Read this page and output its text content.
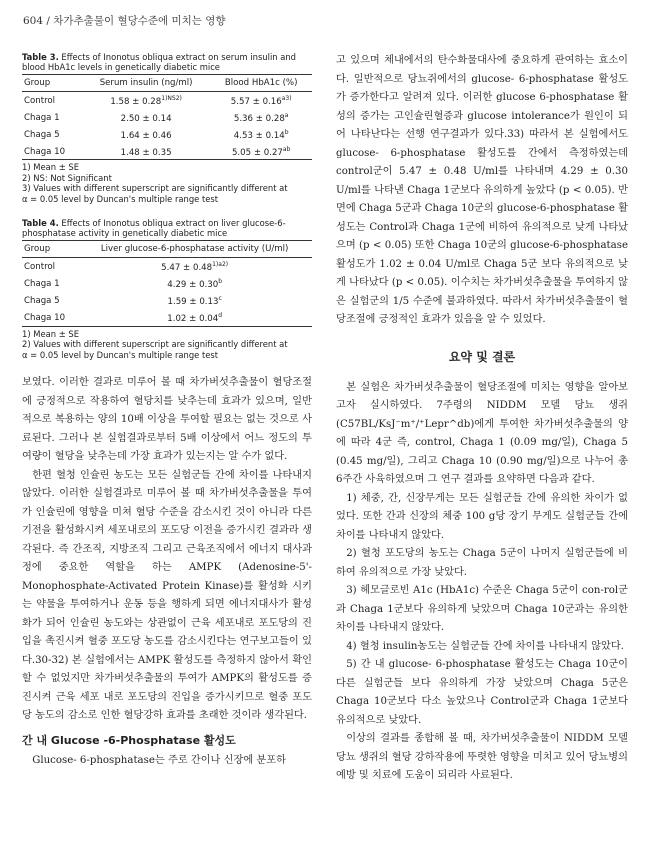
604 / 차가추출물이 혈당수준에 미치는 영향
Table 3. Effects of Inonotus obliqua extract on serum insulin and blood HbA1c levels in genetically diabetic mice
Group	Serum insulin (ng/ml)	Blood HbA1c (%)
Control	$1.58 \pm 0.28^{1)NS2)}$	$5.57 \pm 0.16^{a3)}$
Chaga 1	2.50 ± 0.14	5.36 ± 0.28$^a$
Chaga 5	1.64 ± 0.46	4.53 ± 0.14$^b$
Chaga 10	1.48 ± 0.35	5.05 ± 0.27$^{ab}$

1) Mean ± SE

2) NS: Not Significant

3) Values with different superscript are significantly different at

α = 0.05 level by Duncan's multiple range test

Table 4. Effects of Inonotus obliqua extract on liver glucose-6-phosphatase activity in genetically diabetic mice
Group	Liver glucose-6-phosphatase activity (U/ml)
Control	$5.47 \pm 0.48^{1)a2)}$
Chaga 1	4.29 ± 0.30$^b$
Chaga 5	1.59 ± 0.13$^c$
Chaga 10	1.02 ± 0.04$^d$

1) Mean ± SE

2) Values with different superscript are significantly different at

α = 0.05 level by Duncan's multiple range test

보였다. 이러한 결과로 미루어 볼 때 차가버섯추출물이 혈당조절에 긍정적으로 작용하여 혈당치를 낮추는데 효과가 있으며, 일반적으로 복용하는 양의 10배 이상을 투여할 필요는 없는 것으로 사료된다. 그러나 본 실험결과로부터 5배 이상에서 어느 정도의 투여량이 혈당을 낮추는데 가장 효과가 있는지는 알 수가 없다.

한편 혈청 인슐린 농도는 모든 실험군들 간에 차이를 나타내지 않았다. 이러한 실험결과로 미루어 볼 때 차가버섯추출물을 투여가 인슐린에 영향을 미쳐 혈당 수준을 감소시킨 것이 아니라 다른 기전을 활성화시켜 세포내로의 포도당 이전을 증가시킨 결과라 생각된다. 즉 간조직, 지방조직 그리고 근육조직에서 에너지 대사과정에 중요한 역할을 하는 AMPK (Adenosine-5'-Monophosphate-Activated Protein Kinase)를 활성화 시키는 약물을 투여하거나 운동 등을 행하게 되면 에너지대사가 활성화가 되어 인슐린 농도와는 상관없이 근육 세포내로 포도당의 진입을 촉진시켜 혈중 포도당 농도를 감소시킨다는 연구보고들이 있다.30-32) 본 실험에서는 AMPK 활성도를 측정하지 않아서 확인할 수 없었지만 차가버섯추출물의 투여가 AMPK의 활성도를 증진시켜 근육 세포 내로 포도당의 진입을 증가시키므로 혈중 포도당 농도의 감소로 인한 혈당강하 효과를 초래한 것이라 생각된다.

간 내 Glucose -6-Phosphatase 활성도

Glucose- 6-phosphatase는 주로 간이나 신장에 분포하

고 있으며 체내에서의 탄수화물대사에 중요하게 관여하는 효소이다. 일반적으로 당뇨쥐에서의 glucose- 6-phosphatase 활성도가 증가한다고 알려져 있다. 이러한 glucose 6-phosphatase 활성의 증가는 고인슐린혈증과 glucose intolerance가 원인이 되어 나타난다는 선행 연구결과가 있다.33) 따라서 본 실험에서도 glucose- 6-phosphatase 활성도를 간에서 측정하였는데 control군이 5.47 ± 0.48 U/ml를 나타내며 4.29 ± 0.30 U/ml를 나타낸 Chaga 1군보다 유의하게 높았다 (p < 0.05). 반면에 Chaga 5군과 Chaga 10군의 glucose-6-phosphatase 활성도는 Control과 Chaga 1군에 비하여 유의적으로 낮게 나타났으며 (p < 0.05) 또한 Chaga 10군의 glucose-6-phosphatase 활성도가 1.02 ± 0.04 U/ml로 Chaga 5군 보다 유의적으로 낮게 나타났다 (p < 0.05). 이수치는 차가버섯추출물을 투여하지 않은 실험군의 1/5 수준에 불과하였다. 따라서 차가버섯추출물이 혈당조절에 긍정적인 효과가 있음을 알 수 있었다.

요약 및 결론

본 실험은 차가버섯추출물이 혈당조절에 미치는 영향을 알아보고자 실시하였다. 7주령의 NIDDM 모델 당뇨 생쥐 (C57BL/KsJ⁻m⁺/⁺Lepr^db)에게 투여한 차가버섯추출물의 양에 따라 4군 즉, control, Chaga 1 (0.09 mg/일), Chaga 5 (0.45 mg/일), 그리고 Chaga 10 (0.90 mg/일)으로 나누어 총 6주간 사육하였으며 그 연구 결과를 요약하면 다음과 같다.

1) 체중, 간, 신장무게는 모든 실험군들 간에 유의한 차이가 없었다. 또한 간과 신장의 체중 100 g당 장기 무게도 실험군들 간에 차이를 나타내지 않았다.

2) 혈청 포도당의 농도는 Chaga 5군이 나머지 실험군들에 비하여 유의적으로 가장 낮았다.

3) 헤모글로빈 A1c (HbA1c) 수준은 Chaga 5군이 con-rol군과 Chaga 1군보다 유의하게 낮았으며 Chaga 10군과는 유의한 차이를 나타내지 않았다.

4) 혈청 insulin농도는 실험군들 간에 차이를 나타내지 않았다.

5) 간 내 glucose- 6-phosphatase 활성도는 Chaga 10군이 다른 실험군들 보다 유의하게 가장 낮았으며 Chaga 5군은 Chaga 10군보다 다소 높았으나 Control군과 Chaga 1군보다 유의적으로 낮았다.

이상의 결과를 종합해 볼 때, 차가버섯추출물이 NIDDM 모델 당뇨 생쥐의 혈당 강하작용에 뚜렷한 영향을 미치고 있어 당뇨병의 예방 및 치료에 도움이 되리라 사료된다.
